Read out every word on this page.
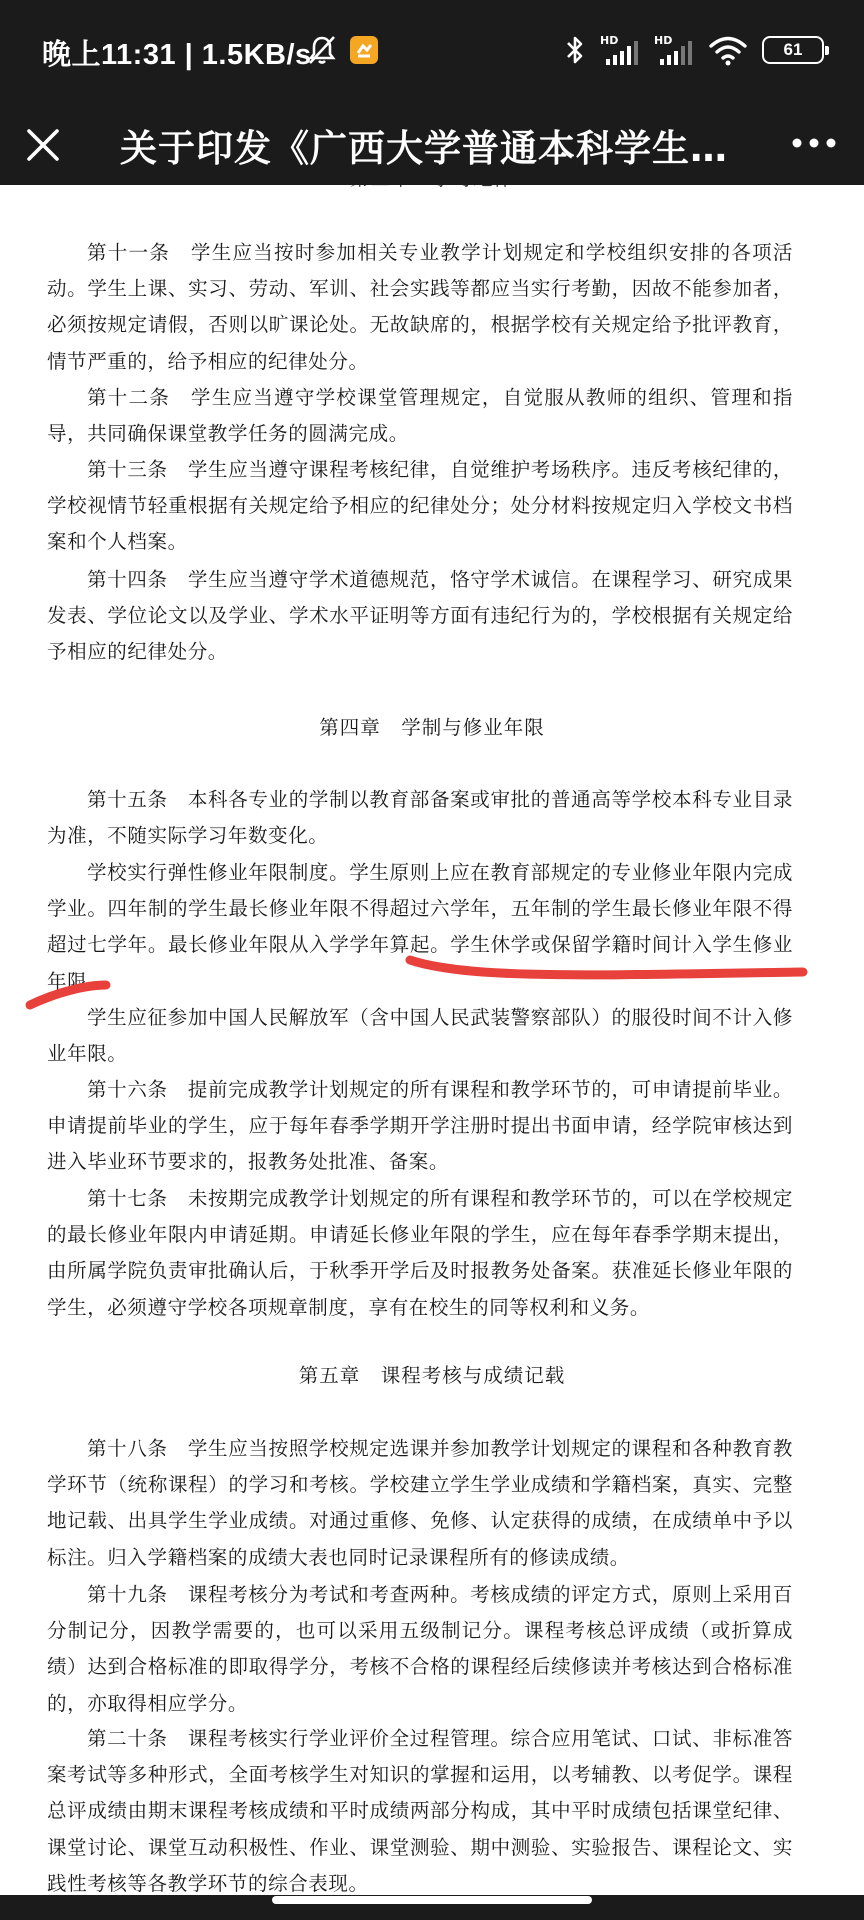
晚上11:31 | 1.5KB/s	HD	HD	61
关于印发《广西大学普通本科学生…

第十一条　学生应当按时参加相关专业教学计划规定和学校组织安排的各项活动。学生上课、实习、劳动、军训、社会实践等都应当实行考勤，因故不能参加者，必须按规定请假，否则以旷课论处。无故缺席的，根据学校有关规定给予批评教育，情节严重的，给予相应的纪律处分。

第十二条　学生应当遵守学校课堂管理规定，自觉服从教师的组织、管理和指导，共同确保课堂教学任务的圆满完成。

第十三条　学生应当遵守课程考核纪律，自觉维护考场秩序。违反考核纪律的，学校视情节轻重根据有关规定给予相应的纪律处分；处分材料按规定归入学校文书档案和个人档案。

第十四条　学生应当遵守学术道德规范，恪守学术诚信。在课程学习、研究成果发表、学位论文以及学业、学术水平证明等方面有违纪行为的，学校根据有关规定给予相应的纪律处分。

第四章　学制与修业年限

第十五条　本科各专业的学制以教育部备案或审批的普通高等学校本科专业目录为准，不随实际学习年数变化。

学校实行弹性修业年限制度。学生原则上应在教育部规定的专业修业年限内完成学业。四年制的学生最长修业年限不得超过六学年，五年制的学生最长修业年限不得超过七学年。最长修业年限从入学学年算起。学生休学或保留学籍时间计入学生修业年限。

学生应征参加中国人民解放军（含中国人民武装警察部队）的服役时间不计入修业年限。

第十六条　提前完成教学计划规定的所有课程和教学环节的，可申请提前毕业。申请提前毕业的学生，应于每年春季学期开学注册时提出书面申请，经学院审核达到进入毕业环节要求的，报教务处批准、备案。

第十七条　未按期完成教学计划规定的所有课程和教学环节的，可以在学校规定的最长修业年限内申请延期。申请延长修业年限的学生，应在每年春季学期末提出，由所属学院负责审批确认后，于秋季开学后及时报教务处备案。获准延长修业年限的学生，必须遵守学校各项规章制度，享有在校生的同等权利和义务。

第五章　课程考核与成绩记载

第十八条　学生应当按照学校规定选课并参加教学计划规定的课程和各种教育教学环节（统称课程）的学习和考核。学校建立学生学业成绩和学籍档案，真实、完整地记载、出具学生学业成绩。对通过重修、免修、认定获得的成绩，在成绩单中予以标注。归入学籍档案的成绩大表也同时记录课程所有的修读成绩。

第十九条　课程考核分为考试和考查两种。考核成绩的评定方式，原则上采用百分制记分，因教学需要的，也可以采用五级制记分。课程考核总评成绩（或折算成绩）达到合格标准的即取得学分，考核不合格的课程经后续修读并考核达到合格标准的，亦取得相应学分。

第二十条　课程考核实行学业评价全过程管理。综合应用笔试、口试、非标准答案考试等多种形式，全面考核学生对知识的掌握和运用，以考辅教、以考促学。课程总评成绩由期末课程考核成绩和平时成绩两部分构成，其中平时成绩包括课堂纪律、课堂讨论、课堂互动积极性、作业、课堂测验、期中测验、实验报告、课程论文、实践性考核等各教学环节的综合表现。
